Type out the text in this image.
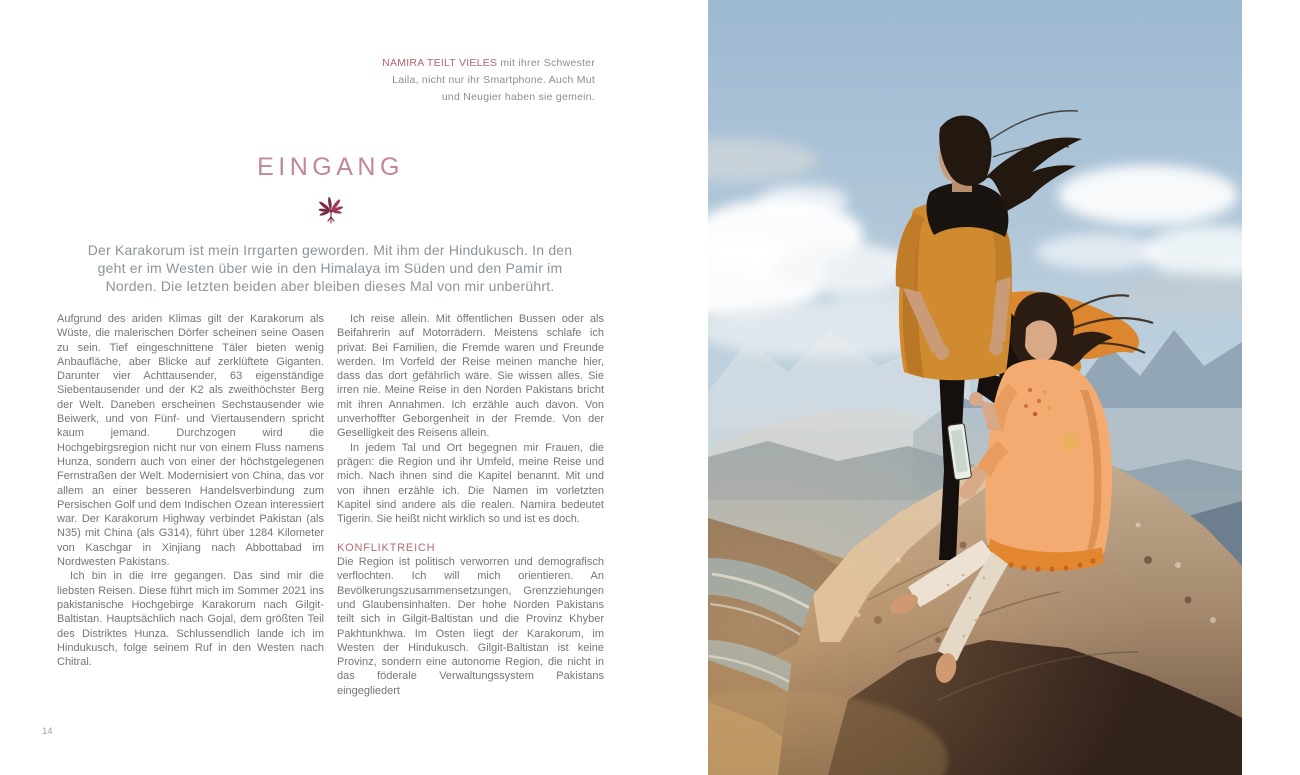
NAMIRA TEILT VIELES mit ihrer Schwester Laila, nicht nur ihr Smartphone. Auch Mut und Neugier haben sie gemein.
EINGANG

Der Karakorum ist mein Irrgarten geworden. Mit ihm der Hindukusch. In den geht er im Westen über wie in den Himalaya im Süden und den Pamir im Norden. Die letzten beiden aber bleiben dieses Mal von mir unberührt.

Aufgrund des ariden Klimas gilt der Karakorum als Wüste, die malerischen Dörfer scheinen seine Oasen zu sein. Tief eingeschnittene Täler bieten wenig Anbaufläche, aber Blicke auf zerklüftete Giganten. Darunter vier Achttausender, 63 eigenständige Siebentausender und der K2 als zweithöchster Berg der Welt. Daneben erscheinen Sechstausender wie Beiwerk, und von Fünf- und Viertausendern spricht kaum jemand. Durchzogen wird die Hochgebirgsregion nicht nur von einem Fluss namens Hunza, sondern auch von einer der höchstgelegenen Fernstraßen der Welt. Modernisiert von China, das vor allem an einer besseren Handelsverbindung zum Persischen Golf und dem Indischen Ozean interessiert war. Der Karakorum Highway verbindet Pakistan (als N35) mit China (als G314), führt über 1284 Kilometer von Kaschgar in Xinjiang nach Abbottabad im Nordwesten Pakistans.

Ich bin in die Irre gegangen. Das sind mir die liebsten Reisen. Diese führt mich im Sommer 2021 ins pakistanische Hochgebirge Karakorum nach Gilgit-Baltistan. Hauptsächlich nach Gojal, dem größten Teil des Distriktes Hunza. Schlussendlich lande ich im Hindukusch, folge seinem Ruf in den Westen nach Chitral.

Ich reise allein. Mit öffentlichen Bussen oder als Beifahrerin auf Motorrädern. Meistens schlafe ich privat. Bei Familien, die Fremde waren und Freunde werden. Im Vorfeld der Reise meinen manche hier, dass das dort gefährlich wäre. Sie wissen alles. Sie irren nie. Meine Reise in den Norden Pakistans bricht mit ihren Annahmen. Ich erzähle auch davon. Von unverhoffter Geborgenheit in der Fremde. Von der Geselligkeit des Reisens allein.

In jedem Tal und Ort begegnen mir Frauen, die prägen: die Region und ihr Umfeld, meine Reise und mich. Nach ihnen sind die Kapitel benannt. Mit und von ihnen erzähle ich. Die Namen im vorletzten Kapitel sind andere als die realen. Namira bedeutet Tigerin. Sie heißt nicht wirklich so und ist es doch.

KONFLIKTREICH

Die Region ist politisch verworren und demografisch verflochten. Ich will mich orientieren. An Bevölkerungszusammensetzungen, Grenzziehungen und Glaubensinhalten. Der hohe Norden Pakistans teilt sich in Gilgit-Baltistan und die Provinz Khyber Pakhtunkhwa. Im Osten liegt der Karakorum, im Westen der Hindukusch. Gilgit-Baltistan ist keine Provinz, sondern eine autonome Region, die nicht in das föderale Verwaltungssystem Pakistans eingegliedert

14
